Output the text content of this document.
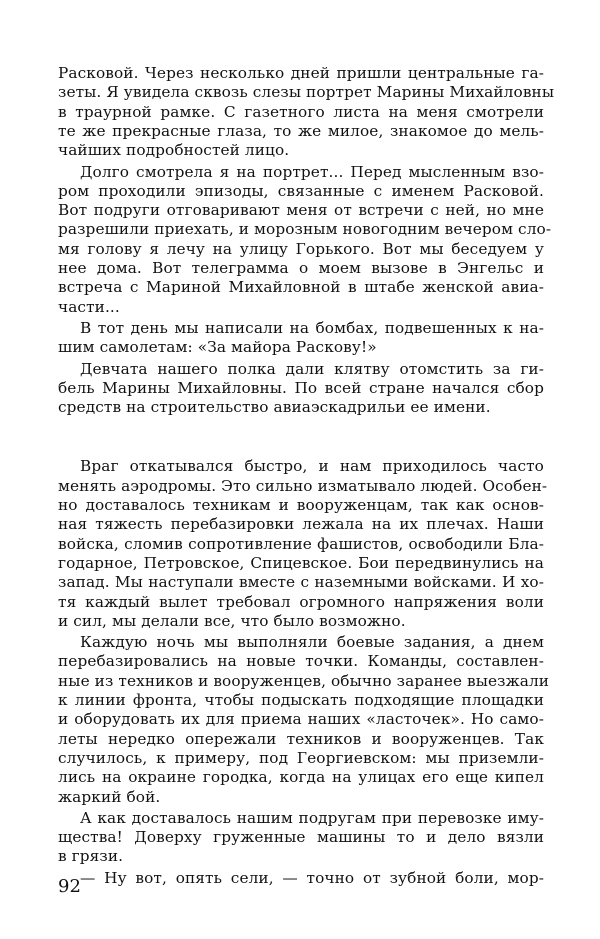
92

Расковой. Через несколько дней пришли центральные га-

зеты. Я увидела сквозь слезы портрет Марины Михайловны

в траурной рамке. С газетного листа на меня смотрели

те же прекрасные глаза, то же милое, знакомое до мель-

чайших подробностей лицо.

Долго смотрела я на портрет... Перед мысленным взо-

ром проходили эпизоды, связанные с именем Расковой.

Вот подруги отговаривают меня от встречи с ней, но мне

разрешили приехать, и морозным новогодним вечером сло-

мя голову я лечу на улицу Горького. Вот мы беседуем у

нее дома. Вот телеграмма о моем вызове в Энгельс и

встреча с Мариной Михайловной в штабе женской авиа-

части...

В тот день мы написали на бомбах, подвешенных к на-

шим самолетам: «За майора Раскову!»

Девчата нашего полка дали клятву отомстить за ги-

бель Марины Михайловны. По всей стране начался сбор

средств на строительство авиаэскадрильи ее имени.

Враг откатывался быстро, и нам приходилось часто

менять аэродромы. Это сильно изматывало людей. Особен-

но доставалось техникам и вооруженцам, так как основ-

ная тяжесть перебазировки лежала на их плечах. Наши

войска, сломив сопротивление фашистов, освободили Бла-

годарное, Петровское, Спицевское. Бои передвинулись на

запад. Мы наступали вместе с наземными войсками. И хо-

тя каждый вылет требовал огромного напряжения воли

и сил, мы делали все, что было возможно.

Каждую ночь мы выполняли боевые задания, а днем

перебазировались на новые точки. Команды, составлен-

ные из техников и вооруженцев, обычно заранее выезжали

к линии фронта, чтобы подыскать подходящие площадки

и оборудовать их для приема наших «ласточек». Но само-

леты нередко опережали техников и вооруженцев. Так

случилось, к примеру, под Георгиевском: мы приземли-

лись на окраине городка, когда на улицах его еще кипел

жаркий бой.

А как доставалось нашим подругам при перевозке иму-

щества! Доверху груженные машины то и дело вязли

в грязи.

— Ну вот, опять сели, — точно от зубной боли, мор-
